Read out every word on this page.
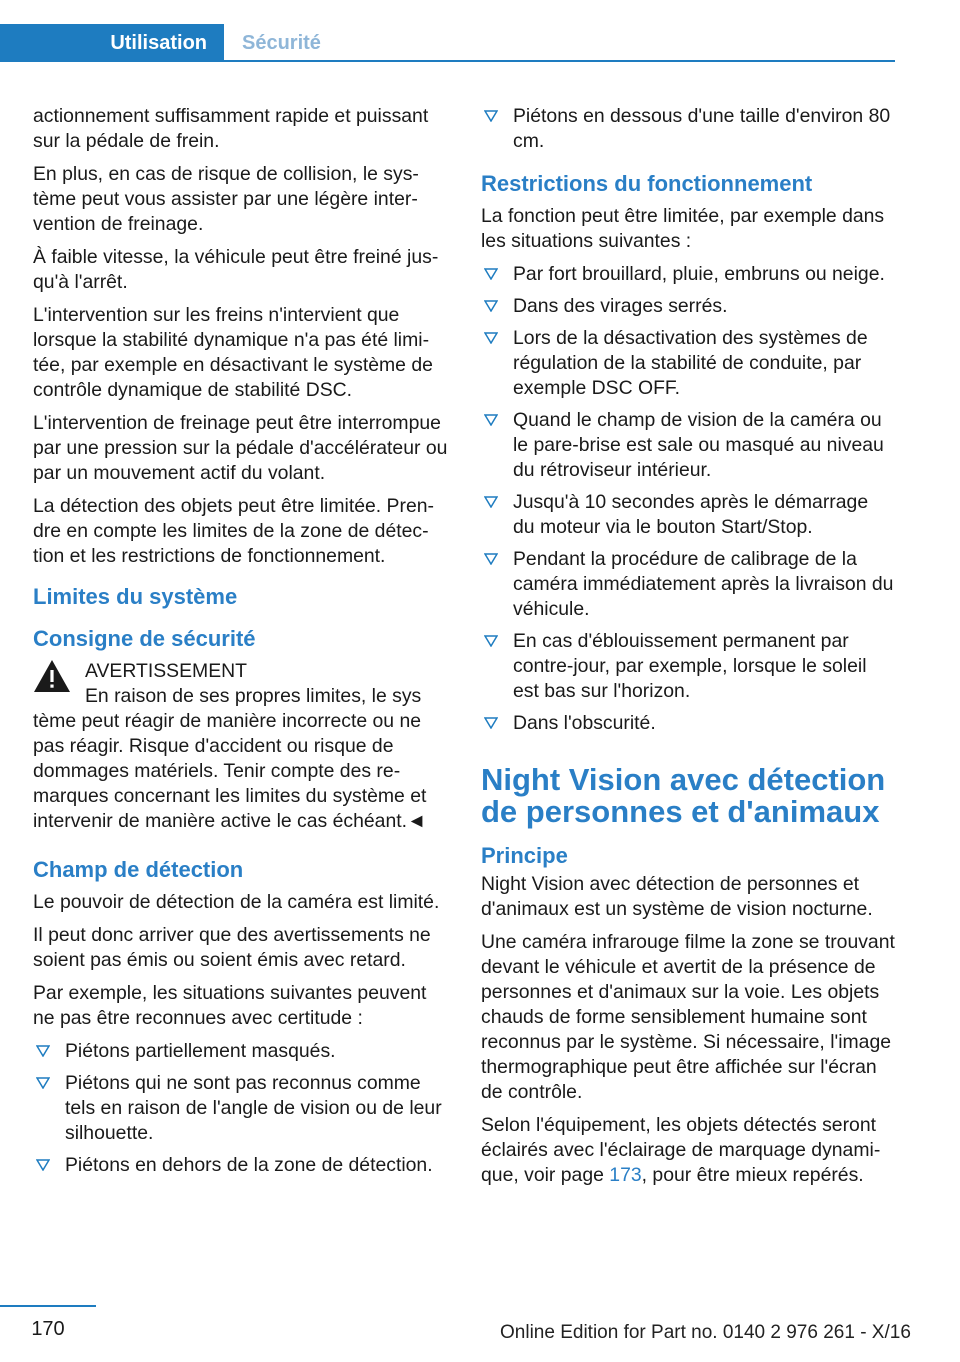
Utilisation	Sécurité

actionnement suffisamment rapide et puissant sur la pédale de frein.

En plus, en cas de risque de collision, le système peut vous assister par une légère intervention de freinage.

À faible vitesse, la véhicule peut être freiné jusqu'à l'arrêt.

L'intervention sur les freins n'intervient que lorsque la stabilité dynamique n'a pas été limitée, par exemple en désactivant le système de contrôle dynamique de stabilité DSC.

L'intervention de freinage peut être interrompue par une pression sur la pédale d'accélérateur ou par un mouvement actif du volant.

La détection des objets peut être limitée. Prendre en compte les limites de la zone de détection et les restrictions de fonctionnement.

Limites du système
Consigne de sécurité
AVERTISSEMENT
En raison de ses propres limites, le sys
tème peut réagir de manière incorrecte ou ne pas réagir. Risque d'accident ou risque de dommages matériels. Tenir compte des remarques concernant les limites du système et intervenir de manière active le cas échéant.◄
Champ de détection

Le pouvoir de détection de la caméra est limité.

Il peut donc arriver que des avertissements ne soient pas émis ou soient émis avec retard.

Par exemple, les situations suivantes peuvent ne pas être reconnues avec certitude :

Piétons partiellement masqués.
Piétons qui ne sont pas reconnus comme tels en raison de l'angle de vision ou de leur silhouette.
Piétons en dehors de la zone de détection.
Piétons en dessous d'une taille d'environ 80 cm.
Restrictions du fonctionnement

La fonction peut être limitée, par exemple dans les situations suivantes :

Par fort brouillard, pluie, embruns ou neige.
Dans des virages serrés.
Lors de la désactivation des systèmes de régulation de la stabilité de conduite, par exemple DSC OFF.
Quand le champ de vision de la caméra ou le pare-brise est sale ou masqué au niveau du rétroviseur intérieur.
Jusqu'à 10 secondes après le démarrage du moteur via le bouton Start/Stop.
Pendant la procédure de calibrage de la caméra immédiatement après la livraison du véhicule.
En cas d'éblouissement permanent par contre-jour, par exemple, lorsque le soleil est bas sur l'horizon.
Dans l'obscurité.
Night Vision avec détection de personnes et d'animaux
Principe

Night Vision avec détection de personnes et d'animaux est un système de vision nocturne.

Une caméra infrarouge filme la zone se trouvant devant le véhicule et avertit de la présence de personnes et d'animaux sur la voie. Les objets chauds de forme sensiblement humaine sont reconnus par le système. Si nécessaire, l'image thermographique peut être affichée sur l'écran de contrôle.

Selon l'équipement, les objets détectés seront éclairés avec l'éclairage de marquage dynamique, voir page 173, pour être mieux repérés.

170	Online Edition for Part no. 0140 2 976 261 - X/16
